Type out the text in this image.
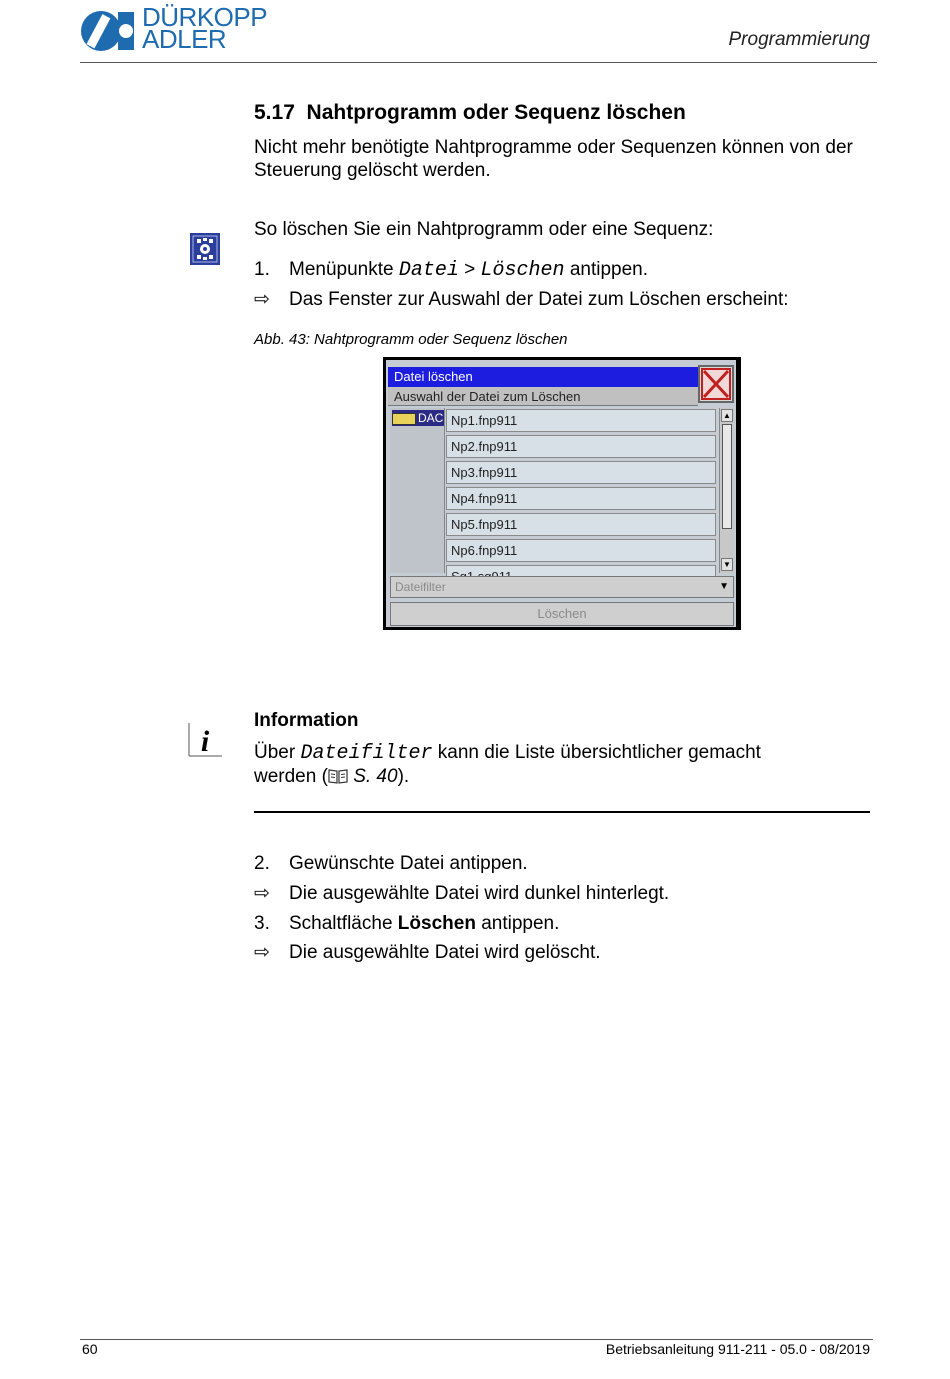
DÜRKOPP
ADLER	Programmierung
5.17 Nahtprogramm oder Sequenz löschen
Nicht mehr benötigte Nahtprogramme oder Sequenzen können von der Steuerung gelöscht werden.
So löschen Sie ein Nahtprogramm oder eine Sequenz:
1. Menüpunkte Datei > Löschen antippen.
⇨ Das Fenster zur Auswahl der Datei zum Löschen erscheint:
Abb. 43: Nahtprogramm oder Sequenz löschen
Datei löschen
Auswahl der Datei zum Löschen
DAC Np1.fnp911
Np2.fnp911
Np3.fnp911
Np4.fnp911
Np5.fnp911
Np6.fnp911
▲
▼
Dateifilter	▼
Löschen
i
Information
Über Dateifilter kann die Liste übersichtlicher gemacht
werden ( S. 40).
2. Gewünschte Datei antippen.
⇨ Die ausgewählte Datei wird dunkel hinterlegt.
3. Schaltfläche Löschen antippen.
⇨ Die ausgewählte Datei wird gelöscht.
60	Betriebsanleitung 911-211 - 05.0 - 08/2019
